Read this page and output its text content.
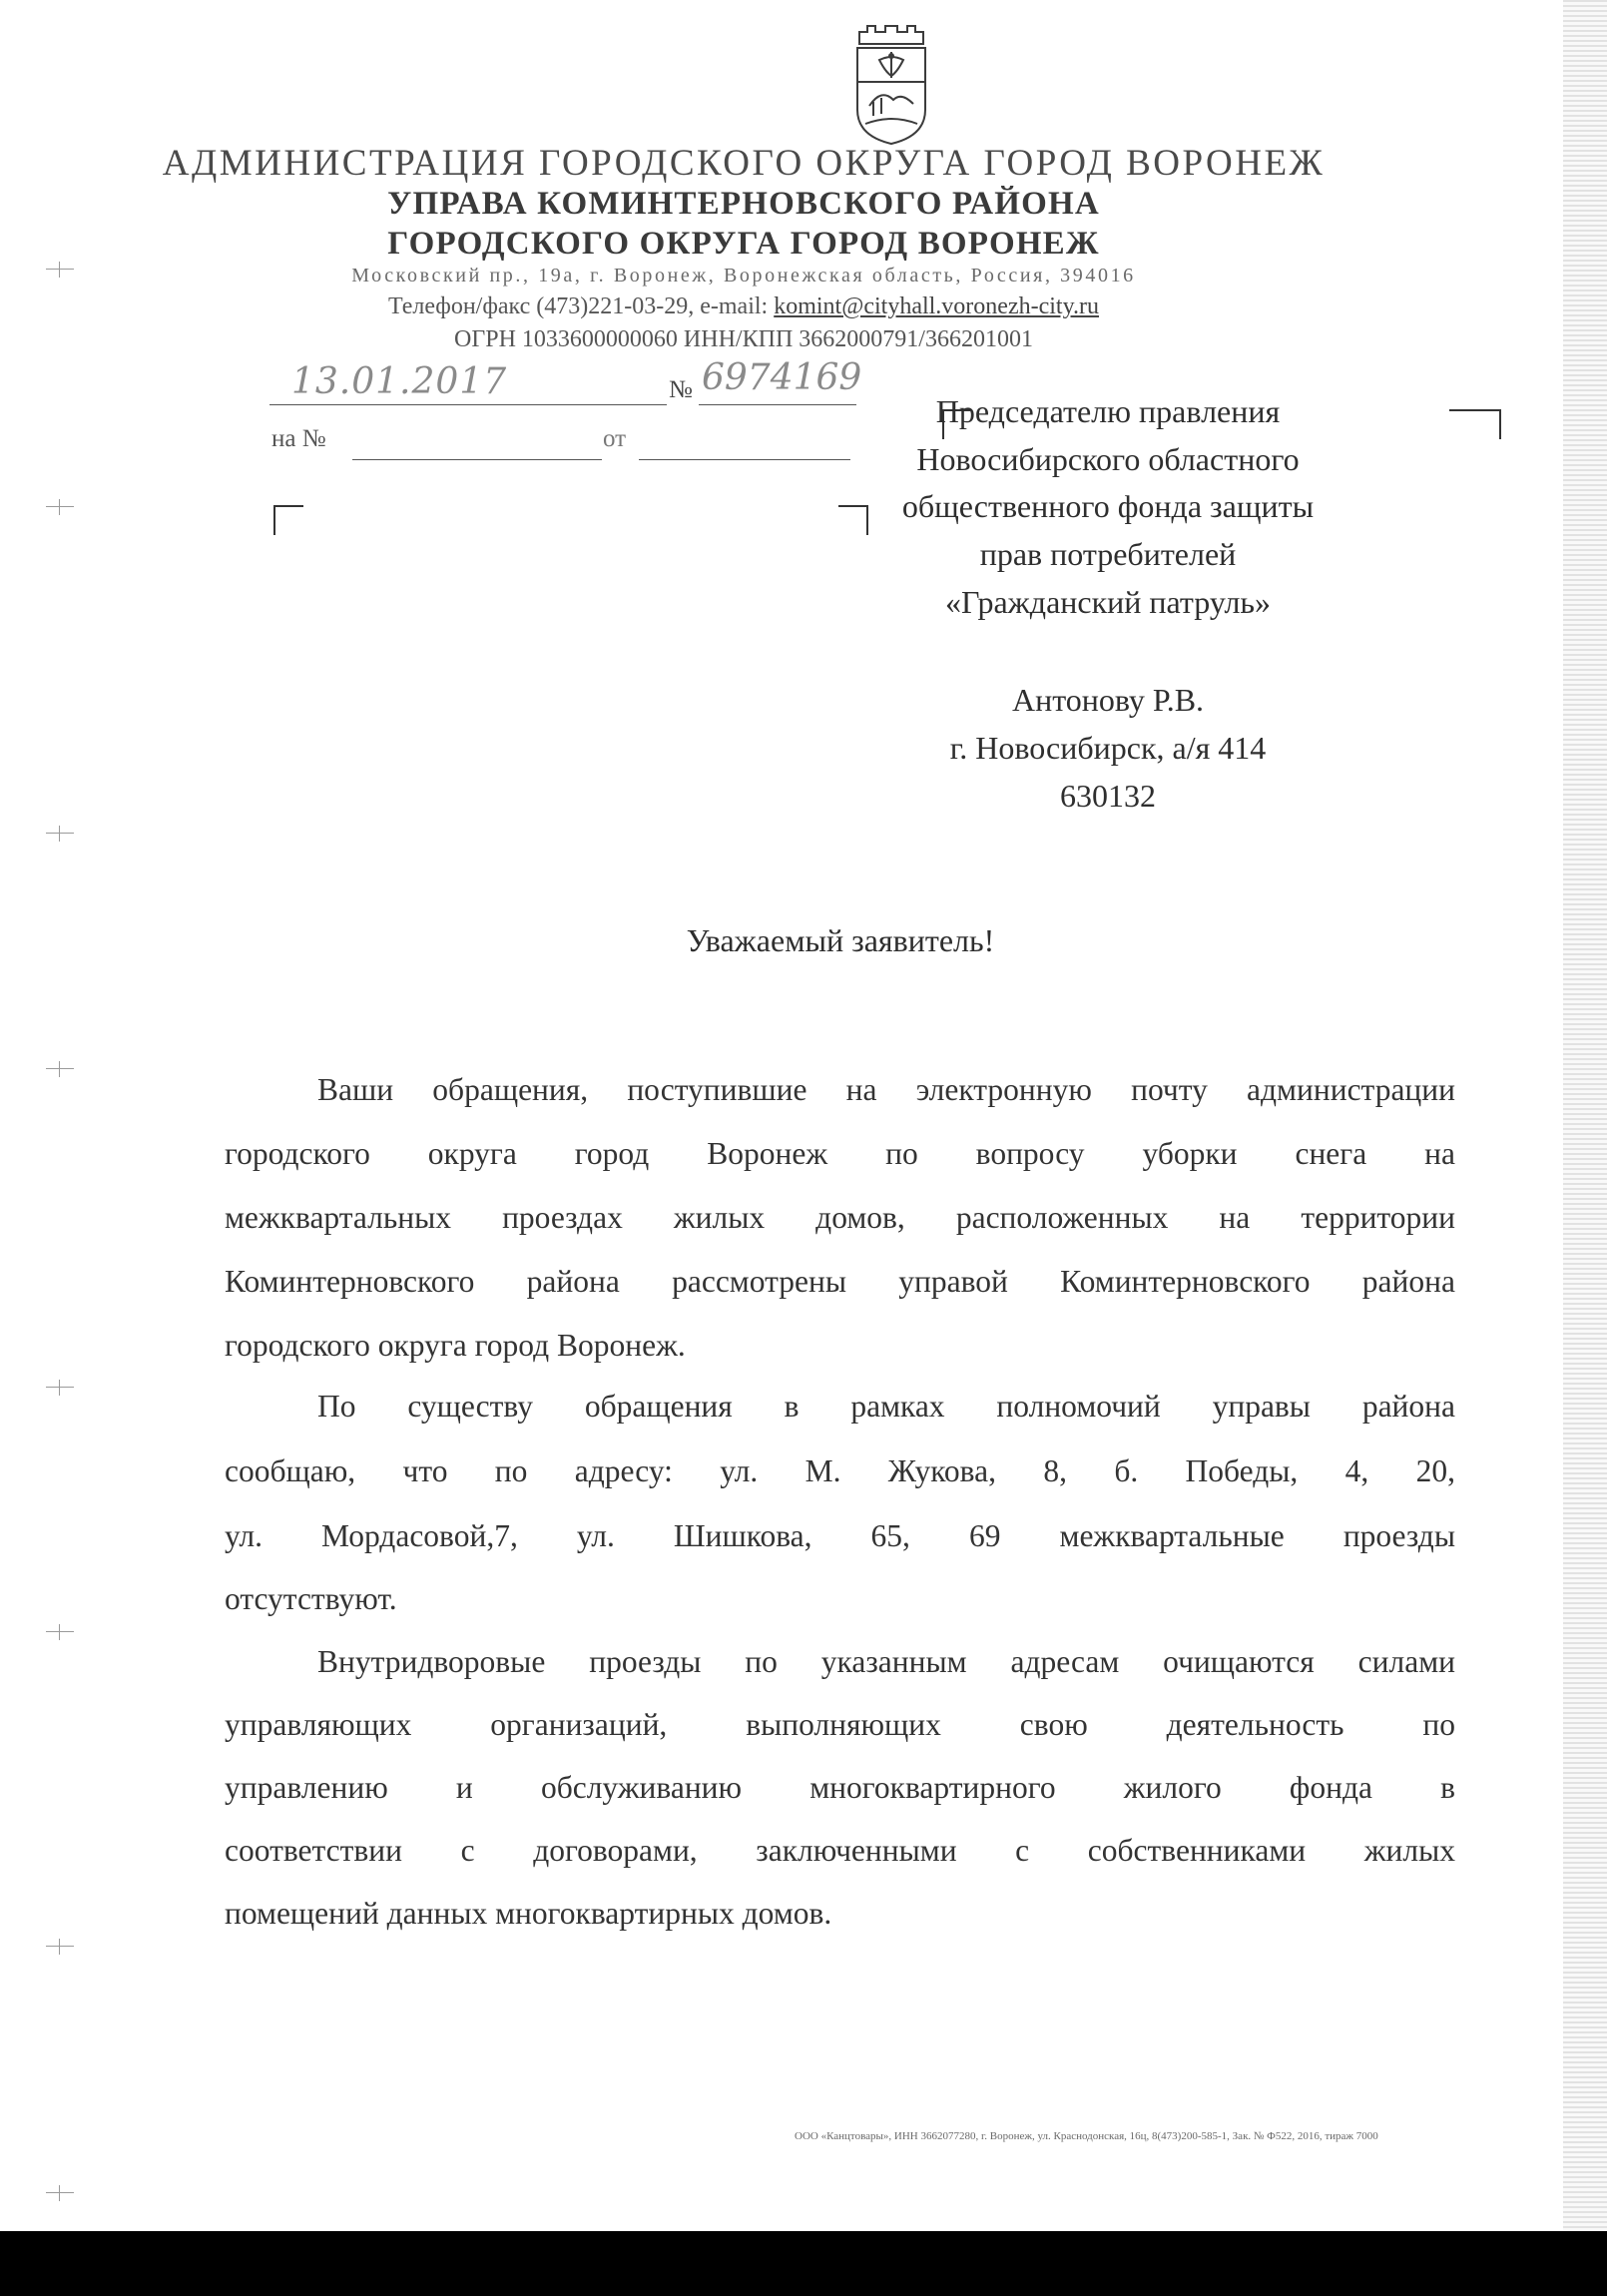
АДМИНИСТРАЦИЯ ГОРОДСКОГО ОКРУГА ГОРОД ВОРОНЕЖ
УПРАВА КОМИНТЕРНОВСКОГО РАЙОНА
ГОРОДСКОГО ОКРУГА ГОРОД ВОРОНЕЖ
Московский пр., 19а, г. Воронеж, Воронежская область, Россия, 394016
Телефон/факс (473)221-03-29, e-mail: komint@cityhall.voronezh-city.ru
ОГРН 1033600000060 ИНН/КПП 3662000791/366201001
13.01.2017	№ 6974169
на №	от
Председателю правления
Новосибирского областного
общественного фонда защиты
прав потребителей
«Гражданский патруль»
Антонову Р.В.
г. Новосибирск, а/я 414
630132
Уважаемый заявитель!
Ваши обращения, поступившие на электронную почту администрации
городского округа город Воронеж по вопросу уборки снега на
межквартальных проездах жилых домов, расположенных на территории
Коминтерновского района рассмотрены управой Коминтерновского района
городского округа город Воронеж.
По существу обращения в рамках полномочий управы района
сообщаю, что по адресу: ул. М. Жукова, 8, б. Победы, 4, 20,
ул. Мордасовой,7, ул. Шишкова, 65, 69 межквартальные проезды
отсутствуют.
Внутридворовые проезды по указанным адресам очищаются силами
управляющих организаций, выполняющих свою деятельность по
управлению и обслуживанию многоквартирного жилого фонда в
соответствии с договорами, заключенными с собственниками жилых
помещений данных многоквартирных домов.
ООО «Канцтовары», ИНН 3662077280, г. Воронеж, ул. Краснодонская, 16ц, 8(473)200-585-1, Зак. № Ф522, 2016, тираж 7000
